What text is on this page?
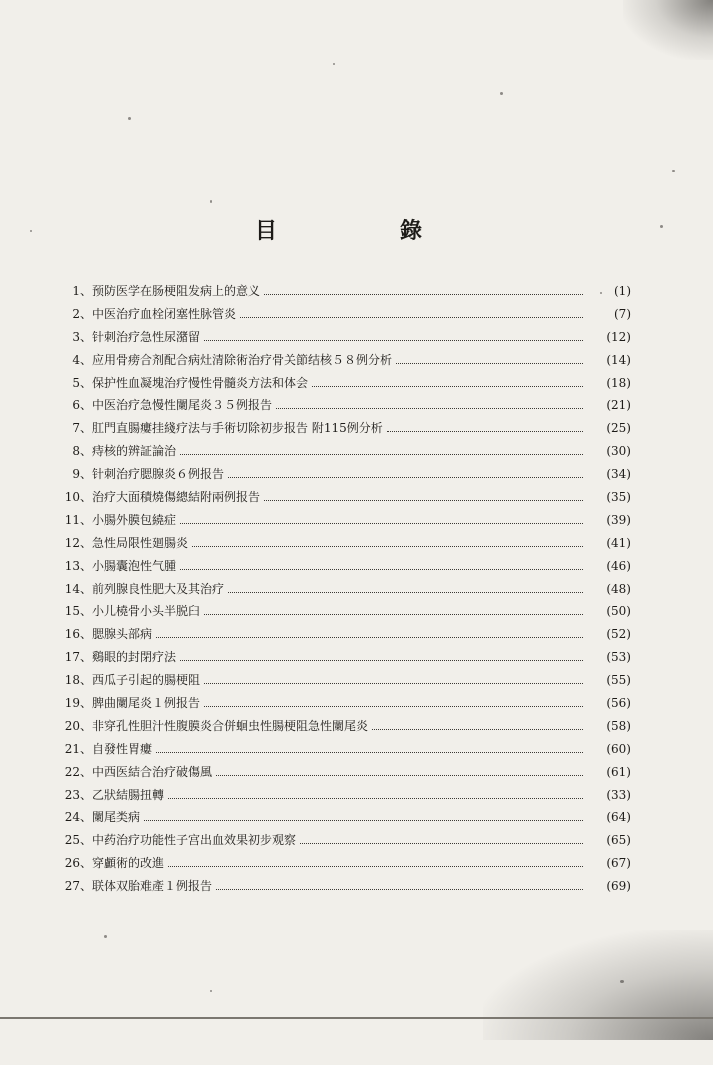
目	錄
1 、 预防医学在肠梗阻发病上的意义	(1)
2 、 中医治疗血栓闭塞性脉管炎	(7)
3 、 针刺治疗急性尿潴留	(12)
4 、 应用骨痨合剂配合病灶清除術治疗骨关節结核５８例分析	(14)
5 、 保护性血凝塊治疗慢性骨髓炎方法和体会	(18)
6 、 中医治疗急慢性闌尾炎３５例报告	(21)
7 、 肛門直腸瘻挂綫疗法与手術切除初步报告 附115例分析	(25)
8 、 痔核的辨証論治	(30)
9 、 针刺治疗腮腺炎６例报告	(34)
10 、 治疗大面積燒傷總結附兩例报告	(35)
11 、 小腸外膜包繞症	(39)
12 、 急性局限性廻腸炎	(41)
13 、 小腸囊泡性气腫	(46)
14 、 前列腺良性肥大及其治疗	(48)
15 、 小儿橈骨小头半脱臼	(50)
16 、 腮腺头部病	(52)
17 、 鷄眼的封閉疗法	(53)
18 、 西瓜子引起的腸梗阻	(55)
19 、 脾曲闌尾炎１例报告	(56)
20 、 非穿孔性胆汁性腹膜炎合併蛔虫性腸梗阻急性闌尾炎	(58)
21 、 自發性胃瘻	(60)
22 、 中西医結合治疗破傷風	(61)
23 、 乙狀結腸扭轉	(33)
24 、 闌尾类病	(64)
25 、 中药治疗功能性子宫出血效果初步观察	(65)
26 、 穿顱術的改進	(67)
27 、 联体双胎难產１例报告	(69)
